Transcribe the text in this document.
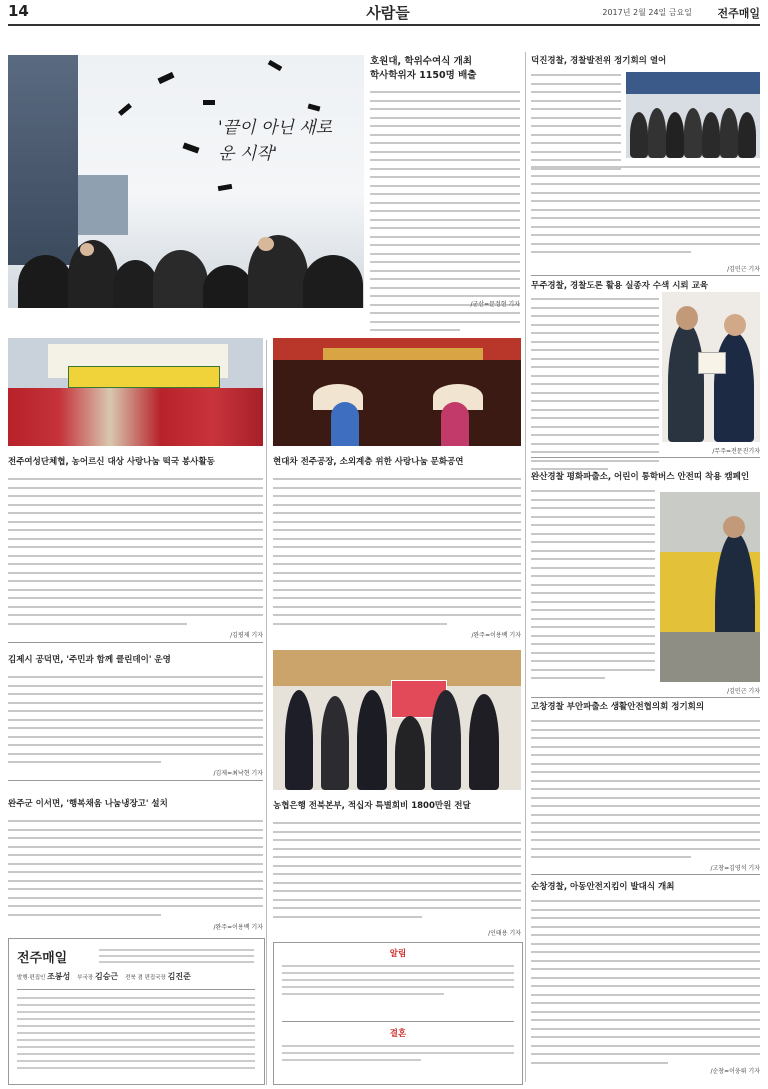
14	사람들	2017년 2월 24일 금요일 전주매일
'끝이 아닌 새로운 시작'
호원대, 학위수여식 개최
학사학위자 1150명 배출
/군산=문정현 기자
덕진경찰, 경찰발전위 정기회의 열어
/김민근 기자
무주경찰, 경찰도론 활용 실종자 수색 시뢰 교육
/무주=전문진기자
완산경찰 평화파출소, 어린이 통학버스 안전띠 착용 캠페인
/김민근 기자
고창경찰 부안파출소 생활안전협의회 정기회의
/고창=김영석 기자
순창경찰, 아동안전지킴이 발대식 개최
/순창=이웅뤼 기자
전주여성단체협, 농어르신 대상 사랑나눔 떡국 봉사활동
/김평제 기자
현대차 전주공장, 소외계층 위한 사랑나눔 문화공연
/완주=이용백 기자
김제시 공덕면, '주민과 함께 클린데이' 운영
/김제=최낙현 기자
농협은행 전북본부, 적십자 특별회비 1800만원 전달
/인태용 기자
완주군 이서면, '행복채움 나눔냉장고' 설치
/완주=이용백 기자
전주매일
발행·편집인 조봉성 부국장 김승근 전북 겸 편집국장 김진준
알림
결혼
